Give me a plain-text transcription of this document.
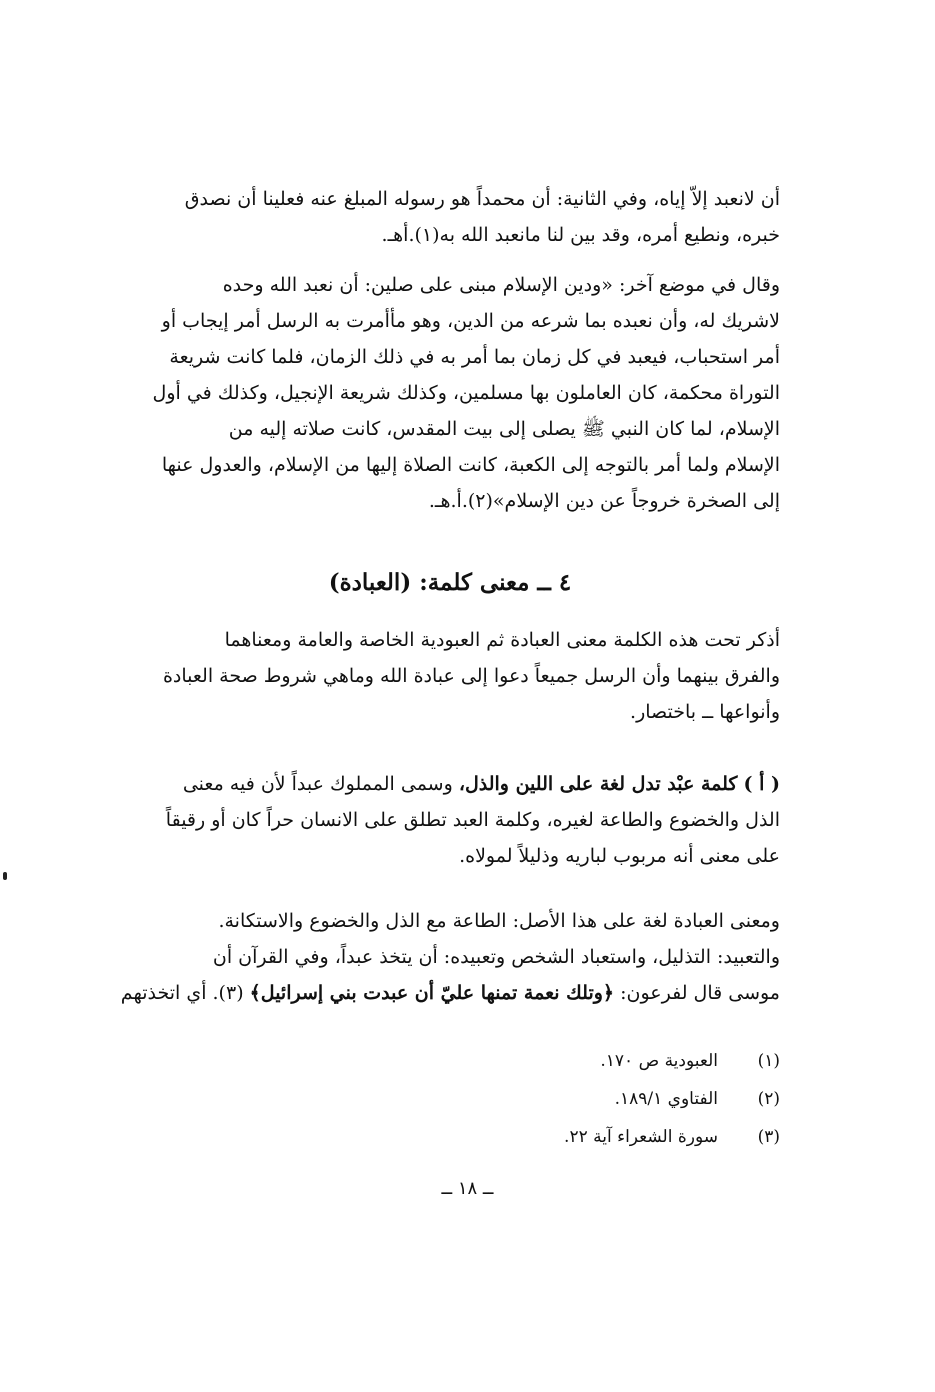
أن لانعبد إلاّ إياه، وفي الثانية: أن محمداً هو رسوله المبلغ عنه فعلينا أن نصدق
خبره، ونطيع أمره، وقد بين لنا مانعبد الله به(١).أهـ.

وقال في موضع آخر: «ودين الإسلام مبنى على صلين: أن نعبد الله وحده
لاشريك له، وأن نعبده بما شرعه من الدين، وهو مأأمرت به الرسل أمر إيجاب أو
أمر استحباب، فيعبد في كل زمان بما أمر به في ذلك الزمان، فلما كانت شريعة
التوراة محكمة، كان العاملون بها مسلمين، وكذلك شريعة الإنجيل، وكذلك في أول
الإسلام، لما كان النبي ﷺ يصلى إلى بيت المقدس، كانت صلاته إليه من
الإسلام ولما أمر بالتوجه إلى الكعبة، كانت الصلاة إليها من الإسلام، والعدول عنها
إلى الصخرة خروجاً عن دين الإسلام»(٢).أ.هـ.

٤ ــ معنى كلمة: (العبادة)

أذكر تحت هذه الكلمة معنى العبادة ثم العبودية الخاصة والعامة ومعناهما
والفرق بينهما وأن الرسل جميعاً دعوا إلى عبادة الله وماهي شروط صحة العبادة
وأنواعها ــ باختصار.

( أ ) كلمة عبْد تدل لغة على اللين والذل، وسمى المملوك عبداً لأن فيه معنى
الذل والخضوع والطاعة لغيره، وكلمة العبد تطلق على الانسان حراً كان أو رقيقاً
على معنى أنه مربوب لباريه وذليلاً لمولاه.

ومعنى العبادة لغة على هذا الأصل: الطاعة مع الذل والخضوع والاستكانة.
والتعبيد: التذليل، واستعباد الشخص وتعبيده: أن يتخذ عبداً، وفي القرآن أن
موسى قال لفرعون: ﴿وتلك نعمة تمنها عليّ أن عبدت بني إسرائيل﴾ (٣). أي اتخذتهم

(١)
العبودية ص ١٧٠.
(٢)
الفتاوي ١٨٩/١.
(٣)
سورة الشعراء آية ٢٢.
ــ ١٨ ــ
